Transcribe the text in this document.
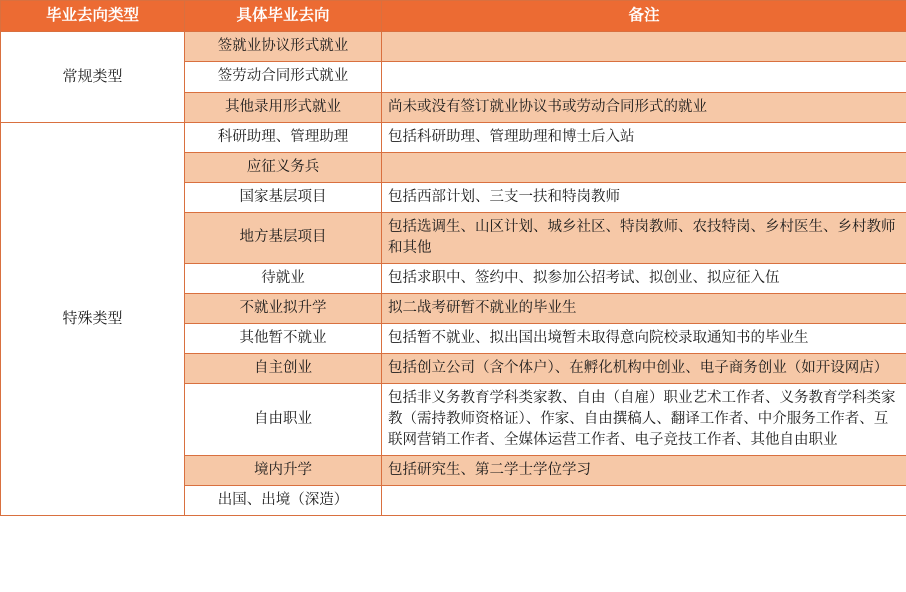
毕业去向类型	具体毕业去向	备注
常规类型	签就业协议形式就业	
	签劳动合同形式就业	
	其他录用形式就业	尚未或没有签订就业协议书或劳动合同形式的就业
特殊类型	科研助理、管理助理	包括科研助理、管理助理和博士后入站
	应征义务兵	
	国家基层项目	包括西部计划、三支一扶和特岗教师
	地方基层项目	包括选调生、山区计划、城乡社区、特岗教师、农技特岗、乡村医生、乡村教师和其他
	待就业	包括求职中、签约中、拟参加公招考试、拟创业、拟应征入伍
	不就业拟升学	拟二战考研暂不就业的毕业生
	其他暂不就业	包括暂不就业、拟出国出境暂未取得意向院校录取通知书的毕业生
	自主创业	包括创立公司（含个体户）、在孵化机构中创业、电子商务创业（如开设网店）
	自由职业	包括非义务教育学科类家教、自由（自雇）职业艺术工作者、义务教育学科类家教（需持教师资格证）、作家、自由撰稿人、翻译工作者、中介服务工作者、互联网营销工作者、全媒体运营工作者、电子竞技工作者、其他自由职业
	境内升学	包括研究生、第二学士学位学习
	出国、出境（深造）	
